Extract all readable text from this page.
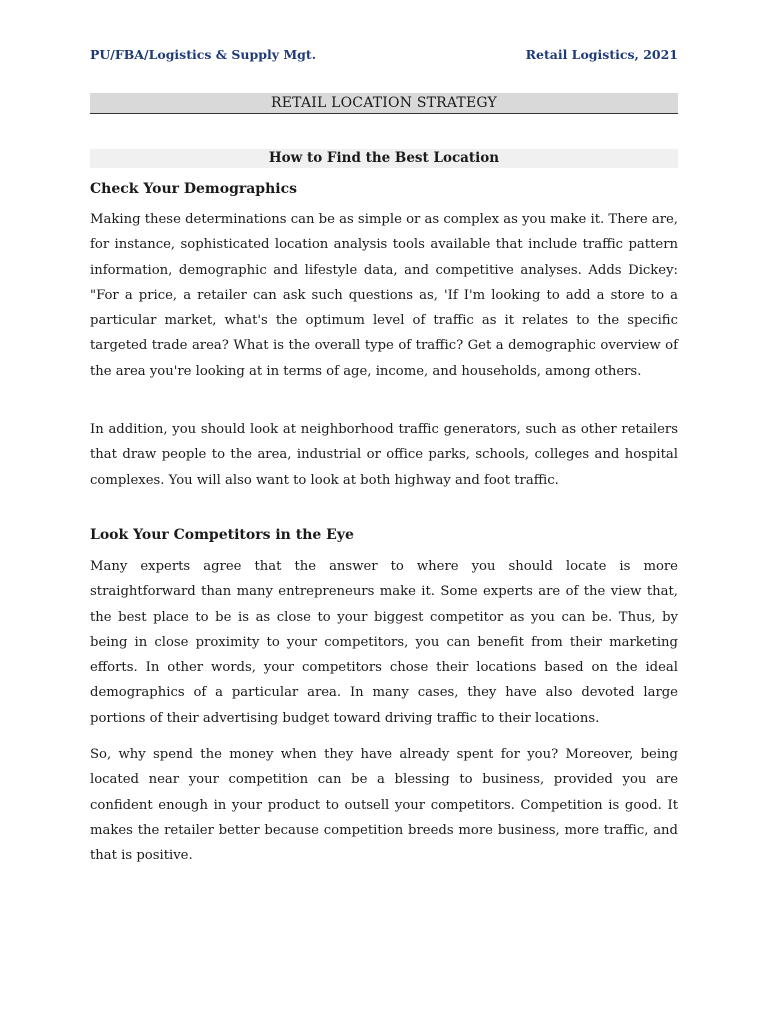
PU/FBA/Logistics & Supply Mgt.	Retail Logistics, 2021
RETAIL LOCATION STRATEGY
How to Find the Best Location
Check Your Demographics

Making these determinations can be as simple or as complex as you make it. There are, for instance, sophisticated location analysis tools available that include traffic pattern information, demographic and lifestyle data, and competitive analyses. Adds Dickey: "For a price, a retailer can ask such questions as, 'If I'm looking to add a store to a particular market, what's the optimum level of traffic as it relates to the specific targeted trade area? What is the overall type of traffic? Get a demographic overview of the area you're looking at in terms of age, income, and households, among others.

In addition, you should look at neighborhood traffic generators, such as other retailers that draw people to the area, industrial or office parks, schools, colleges and hospital complexes. You will also want to look at both highway and foot traffic.

Look Your Competitors in the Eye

Many experts agree that the answer to where you should locate is more straightforward than many entrepreneurs make it. Some experts are of the view that, the best place to be is as close to your biggest competitor as you can be. Thus, by being in close proximity to your competitors, you can benefit from their marketing efforts. In other words, your competitors chose their locations based on the ideal demographics of a particular area. In many cases, they have also devoted large portions of their advertising budget toward driving traffic to their locations.

So, why spend the money when they have already spent for you? Moreover, being located near your competition can be a blessing to business, provided you are confident enough in your product to outsell your competitors. Competition is good. It makes the retailer better because competition breeds more business, more traffic, and that is positive.
